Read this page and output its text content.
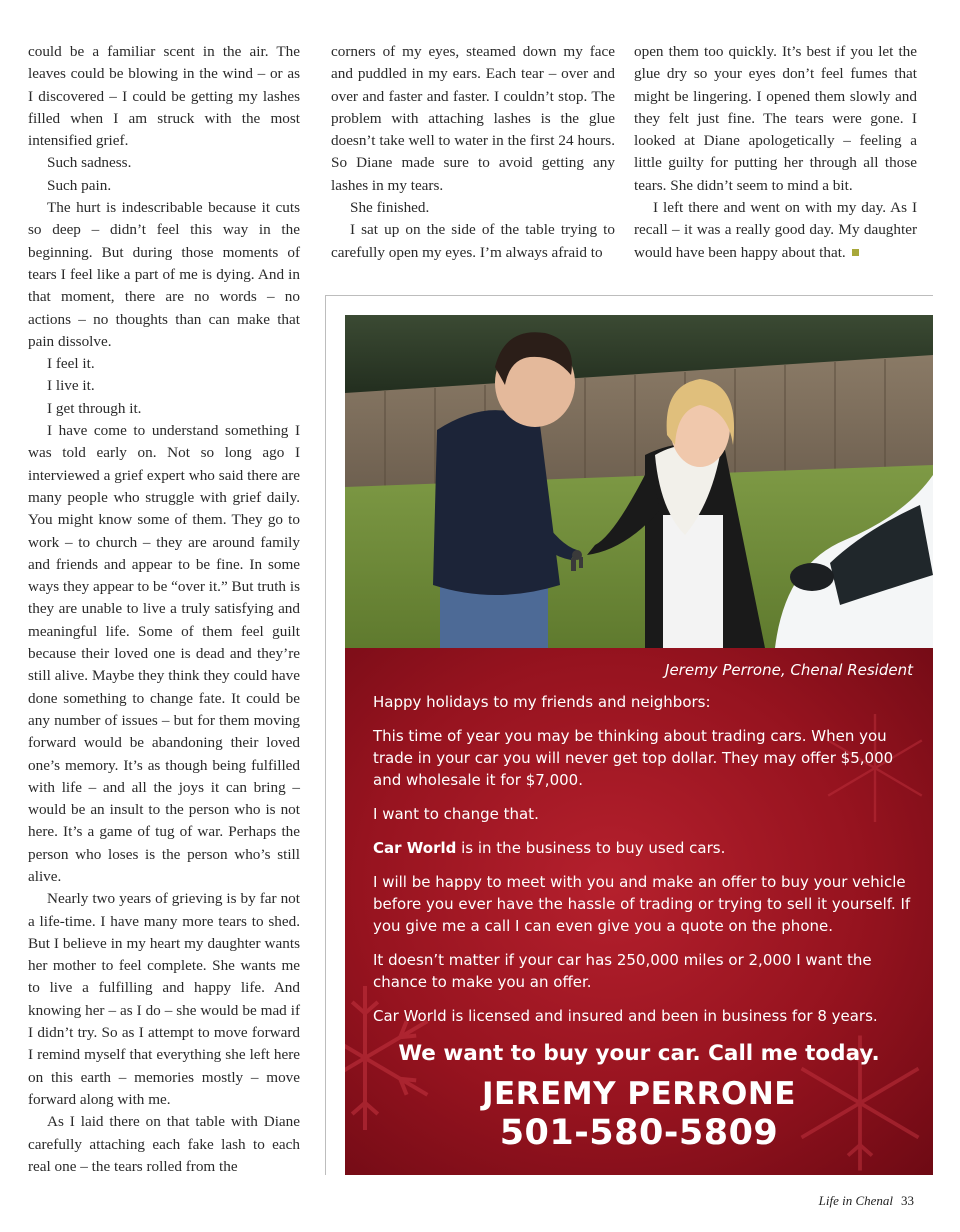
could be a familiar scent in the air. The leaves could be blowing in the wind – or as I discovered – I could be getting my lashes filled when I am struck with the most intensified grief.

Such sadness.

Such pain.

The hurt is indescribable because it cuts so deep – didn’t feel this way in the beginning. But during those moments of tears I feel like a part of me is dying. And in that moment, there are no words – no actions – no thoughts than can make that pain dissolve.

I feel it.

I live it.

I get through it.

I have come to understand something I was told early on. Not so long ago I interviewed a grief expert who said there are many people who struggle with grief daily. You might know some of them. They go to work – to church – they are around family and friends and appear to be fine. In some ways they appear to be “over it.” But truth is they are unable to live a truly satisfying and meaningful life. Some of them feel guilt because their loved one is dead and they’re still alive. Maybe they think they could have done something to change fate. It could be any number of issues – but for them moving forward would be abandoning their loved one’s memory. It’s as though being fulfilled with life – and all the joys it can bring – would be an insult to the person who is not here. It’s a game of tug of war. Perhaps the person who loses is the person who’s still alive.

Nearly two years of grieving is by far not a life-time. I have many more tears to shed. But I believe in my heart my daughter wants her mother to feel complete. She wants me to live a fulfilling and happy life. And knowing her – as I do – she would be mad if I didn’t try. So as I attempt to move forward I remind myself that everything she left here on this earth – memories mostly – move forward along with me.

As I laid there on that table with Diane carefully attaching each fake lash to each real one – the tears rolled from the

corners of my eyes, steamed down my face and puddled in my ears. Each tear – over and over and faster and faster. I couldn’t stop. The problem with attaching lashes is the glue doesn’t take well to water in the first 24 hours. So Diane made sure to avoid getting any lashes in my tears.

She finished.

I sat up on the side of the table trying to carefully open my eyes. I’m always afraid to

open them too quickly. It’s best if you let the glue dry so your eyes don’t feel fumes that might be lingering. I opened them slowly and they felt just fine. The tears were gone. I looked at Diane apologetically – feeling a little guilty for putting her through all those tears. She didn’t seem to mind a bit.

I left there and went on with my day. As I recall – it was a really good day. My daughter would have been happy about that.

Jeremy Perrone, Chenal Resident

Happy holidays to my friends and neighbors:

This time of year you may be thinking about trading cars. When you trade in your car you will never get top dollar. They may offer $5,000 and wholesale it for $7,000.

I want to change that.

Car World is in the business to buy used cars.

I will be happy to meet with you and make an offer to buy your vehicle before you ever have the hassle of trading or trying to sell it yourself. If you give me a call I can even give you a quote on the phone.

It doesn’t matter if your car has 250,000 miles or 2,000 I want the chance to make you an offer.

Car World is licensed and insured and been in business for 8 years.

We want to buy your car. Call me today.
JEREMY PERRONE
501-580-5809
Life in Chenal 33
